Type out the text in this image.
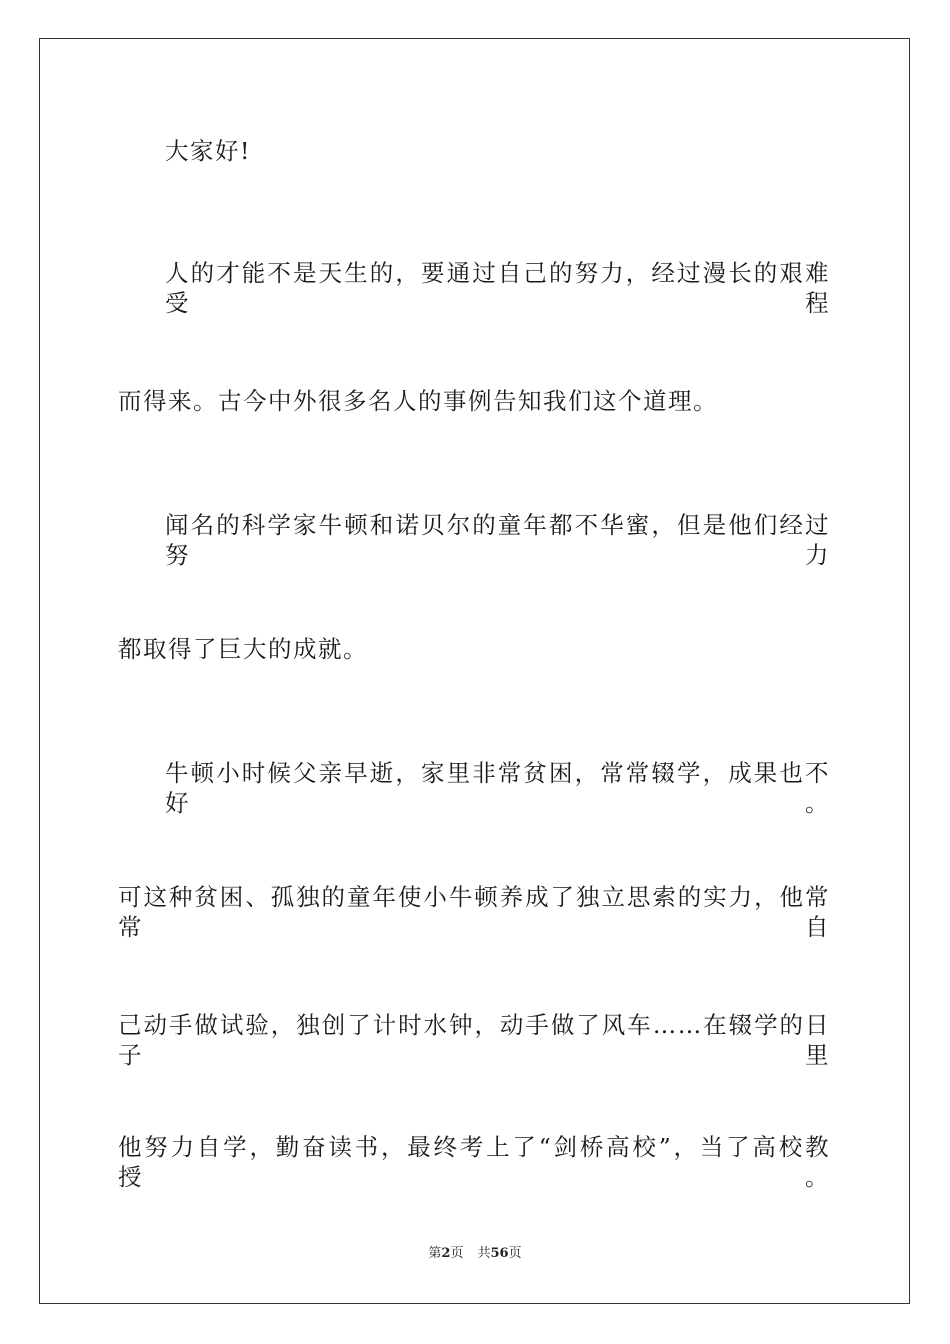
大家好!
人的才能不是天生的，要通过自己的努力，经过漫长的艰难受程
而得来。古今中外很多名人的事例告知我们这个道理。
闻名的科学家牛顿和诺贝尔的童年都不华蜜，但是他们经过努力
都取得了巨大的成就。
牛顿小时候父亲早逝，家里非常贫困，常常辍学，成果也不好。
可这种贫困、孤独的童年使小牛顿养成了独立思索的实力，他常常自
己动手做试验，独创了计时水钟，动手做了风车……在辍学的日子里
他努力自学，勤奋读书，最终考上了“剑桥高校”，当了高校教授。
第2页 共56页
